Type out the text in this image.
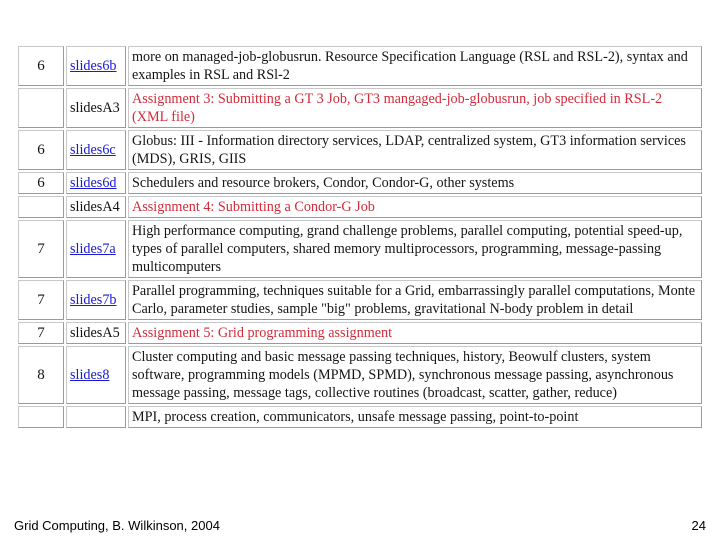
6	slides6b	more on managed-job-globusrun. Resource Specification Language (RSL and RSL-2), syntax and examples in RSL and RSl-2
	slidesA3	Assignment 3: Submitting a GT 3 Job, GT3 mangaged-job-globusrun, job specified in RSL-2 (XML file)
6	slides6c	Globus: III - Information directory services, LDAP, centralized system, GT3 information services (MDS), GRIS, GIIS
6	slides6d	Schedulers and resource brokers, Condor, Condor-G, other systems
	slidesA4	Assignment 4: Submitting a Condor-G Job
7	slides7a	High performance computing, grand challenge problems, parallel computing, potential speed-up, types of parallel computers, shared memory multiprocessors, programming, message-passing multicomputers
7	slides7b	Parallel programming, techniques suitable for a Grid, embarrassingly parallel computations, Monte Carlo, parameter studies, sample "big" problems, gravitational N-body problem in detail
7	slidesA5	Assignment 5: Grid programming assignment
8	slides8	Cluster computing and basic message passing techniques, history, Beowulf clusters, system software, programming models (MPMD, SPMD), synchronous message passing, asynchronous message passing, message tags, collective routines (broadcast, scatter, gather, reduce)
		MPI, process creation, communicators, unsafe message passing, point-to-point
Grid Computing, B. Wilkinson, 2004	24
